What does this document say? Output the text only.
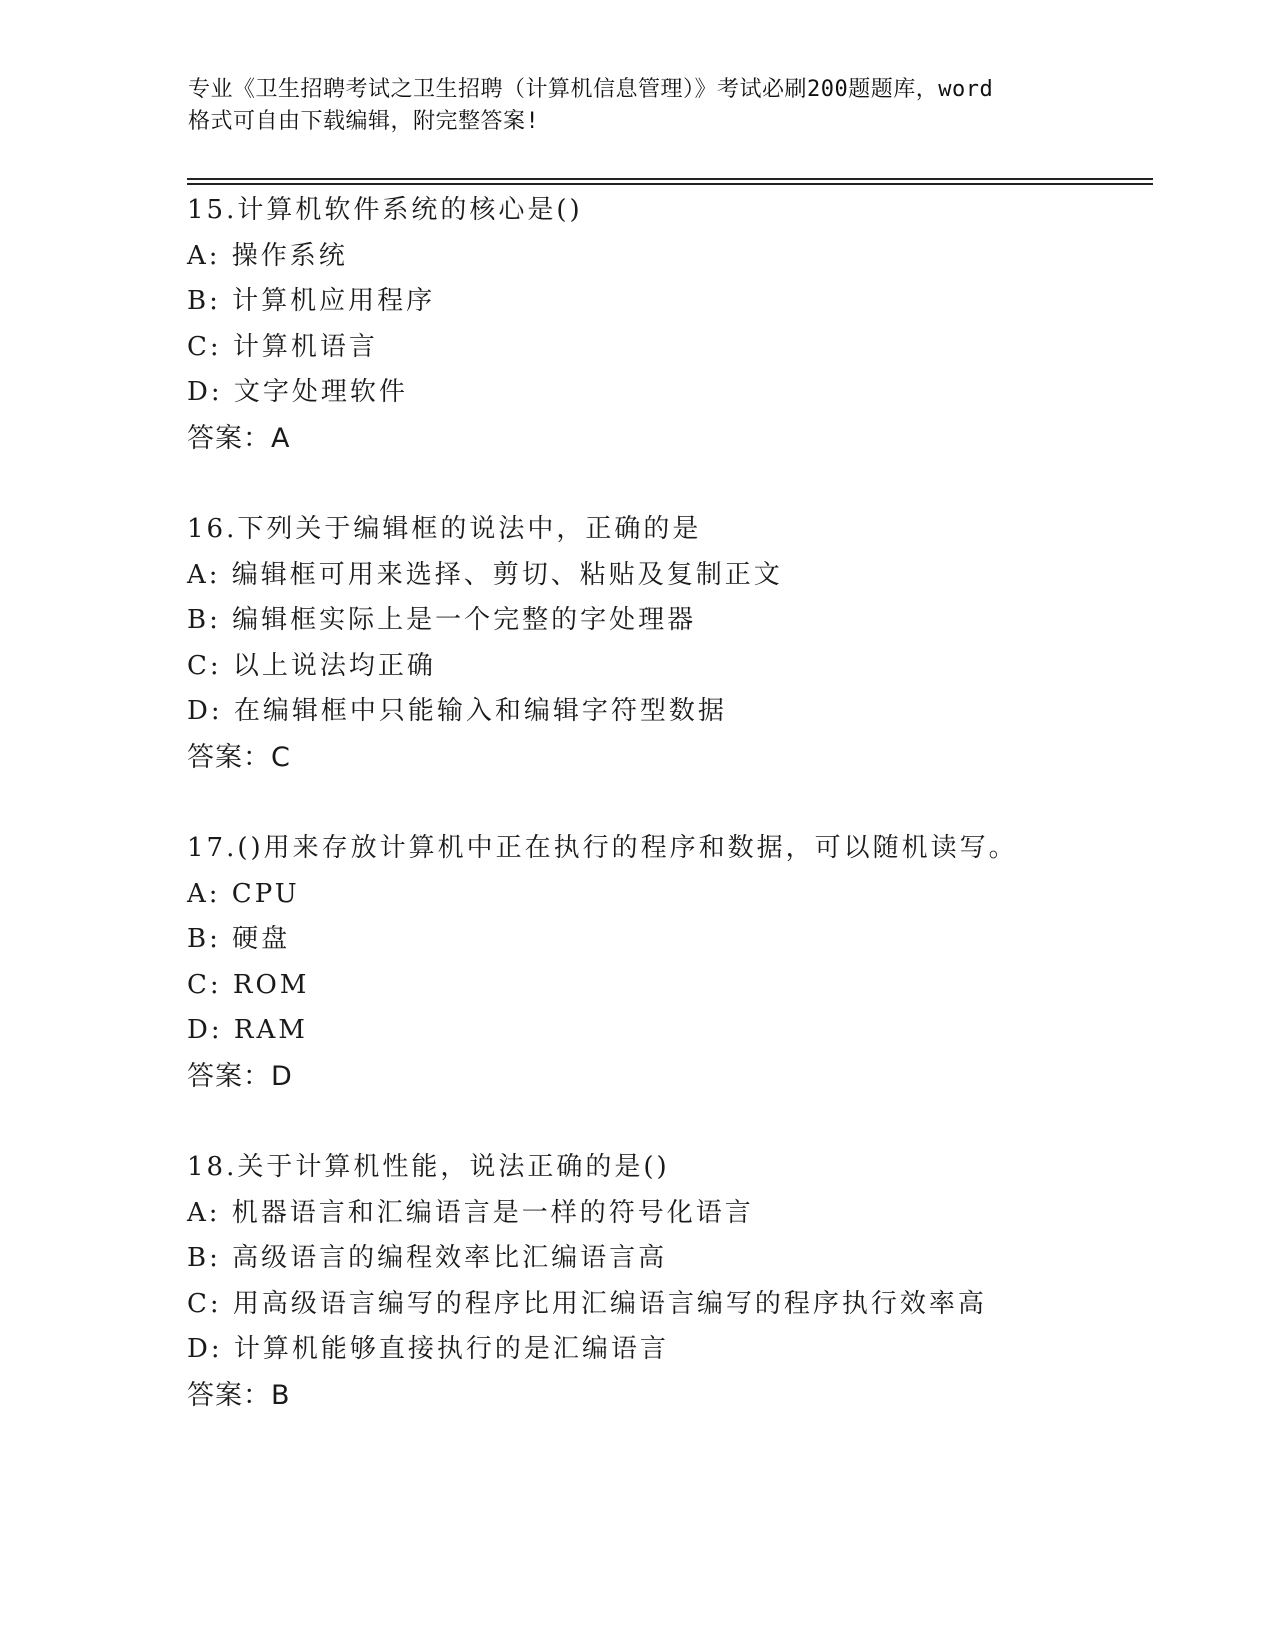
专业《卫生招聘考试之卫生招聘（计算机信息管理）》考试必刷200题题库，word
格式可自由下载编辑，附完整答案!
15.计算机软件系统的核心是()
A: 操作系统
B: 计算机应用程序
C: 计算机语言
D: 文字处理软件
答案：A
16.下列关于编辑框的说法中，正确的是
A: 编辑框可用来选择、剪切、粘贴及复制正文
B: 编辑框实际上是一个完整的字处理器
C: 以上说法均正确
D: 在编辑框中只能输入和编辑字符型数据
答案：C
17.()用来存放计算机中正在执行的程序和数据，可以随机读写。
A: CPU
B: 硬盘
C: ROM
D: RAM
答案：D
18.关于计算机性能，说法正确的是()
A: 机器语言和汇编语言是一样的符号化语言
B: 高级语言的编程效率比汇编语言高
C: 用高级语言编写的程序比用汇编语言编写的程序执行效率高
D: 计算机能够直接执行的是汇编语言
答案：B
